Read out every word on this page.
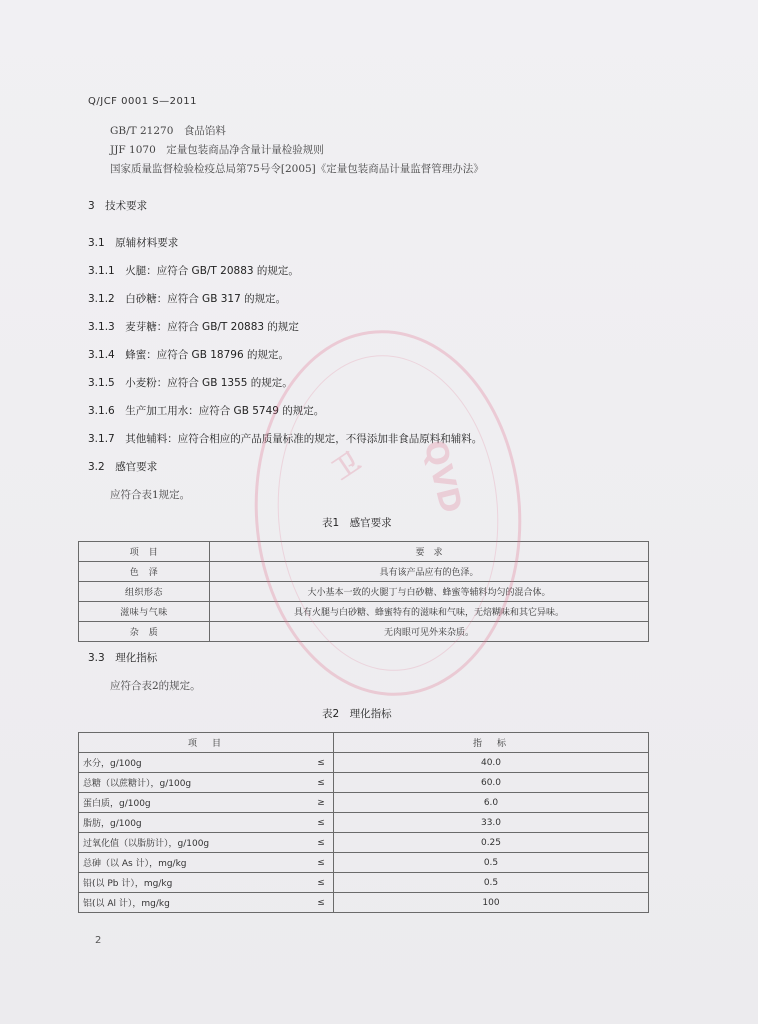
Q/JCF 0001 S—2011
GB/T 21270　食品馅料
JJF 1070　定量包装商品净含量计量检验规则
国家质量监督检验检疫总局第75号令[2005]《定量包装商品计量监督管理办法》
3　技术要求
3.1　原辅材料要求
3.1.1　火腿：应符合 GB/T 20883 的规定。
3.1.2　白砂糖：应符合 GB 317 的规定。
3.1.3　麦芽糖：应符合 GB/T 20883 的规定
3.1.4　蜂蜜：应符合 GB 18796 的规定。
3.1.5　小麦粉：应符合 GB 1355 的规定。
3.1.6　生产加工用水：应符合 GB 5749 的规定。
3.1.7　其他辅料：应符合相应的产品质量标准的规定，不得添加非食品原料和辅料。
3.2　感官要求
应符合表1规定。
表1　感官要求
项　目	要　求
色　泽	具有该产品应有的色泽。
组织形态	大小基本一致的火腿丁与白砂糖、蜂蜜等辅料均匀的混合体。
滋味与气味	具有火腿与白砂糖、蜂蜜特有的滋味和气味，无焙糊味和其它异味。
杂　质	无肉眼可见外来杂质。
3.3　理化指标
应符合表2的规定。
表2　理化指标
项　目		指　标
水分，g/100g	≤	40.0
总糖（以蔗糖计），g/100g	≤	60.0
蛋白质，g/100g	≥	6.0
脂肪，g/100g	≤	33.0
过氧化值（以脂肪计），g/100g	≤	0.25
总砷（以 As 计），mg/kg	≤	0.5
铅(以 Pb 计），mg/kg	≤	0.5
铝(以 Al 计），mg/kg	≤	100
卫 QVD
2
